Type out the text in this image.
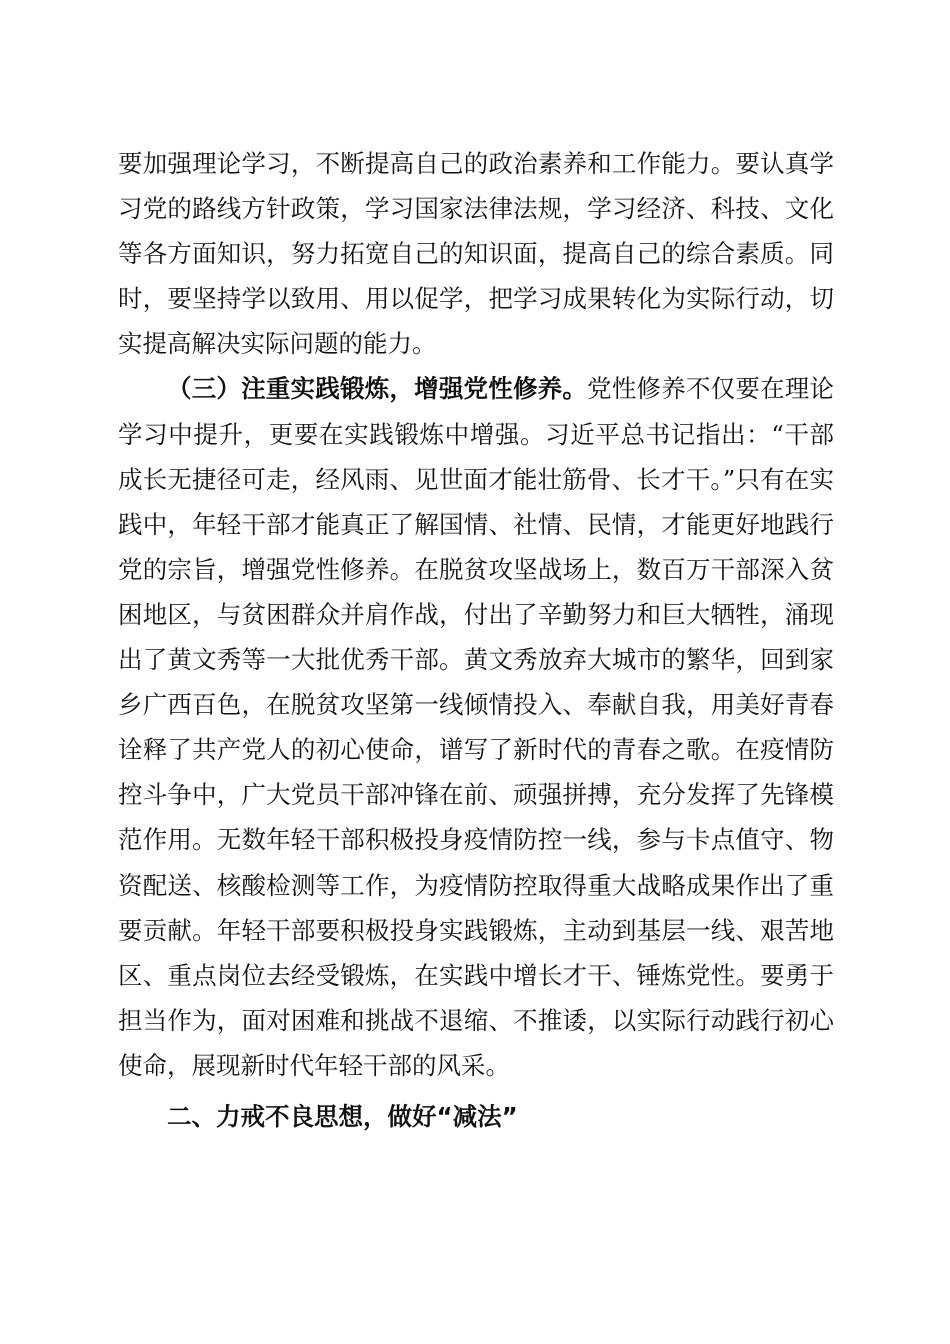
要加强理论学习，不断提高自己的政治素养和工作能力。要认真学习党的路线方针政策，学习国家法律法规，学习经济、科技、文化等各方面知识，努力拓宽自己的知识面，提高自己的综合素质。同时，要坚持学以致用、用以促学，把学习成果转化为实际行动，切实提高解决实际问题的能力。

（三）注重实践锻炼，增强党性修养。党性修养不仅要在理论学习中提升，更要在实践锻炼中增强。习近平总书记指出：“干部成长无捷径可走，经风雨、见世面才能壮筋骨、长才干。”只有在实践中，年轻干部才能真正了解国情、社情、民情，才能更好地践行党的宗旨，增强党性修养。在脱贫攻坚战场上，数百万干部深入贫困地区，与贫困群众并肩作战，付出了辛勤努力和巨大牺牲，涌现出了黄文秀等一大批优秀干部。黄文秀放弃大城市的繁华，回到家乡广西百色，在脱贫攻坚第一线倾情投入、奉献自我，用美好青春诠释了共产党人的初心使命，谱写了新时代的青春之歌。在疫情防控斗争中，广大党员干部冲锋在前、顽强拼搏，充分发挥了先锋模范作用。无数年轻干部积极投身疫情防控一线，参与卡点值守、物资配送、核酸检测等工作，为疫情防控取得重大战略成果作出了重要贡献。年轻干部要积极投身实践锻炼，主动到基层一线、艰苦地区、重点岗位去经受锻炼，在实践中增长才干、锤炼党性。要勇于担当作为，面对困难和挑战不退缩、不推诿，以实际行动践行初心使命，展现新时代年轻干部的风采。

二、力戒不良思想，做好“减法”
